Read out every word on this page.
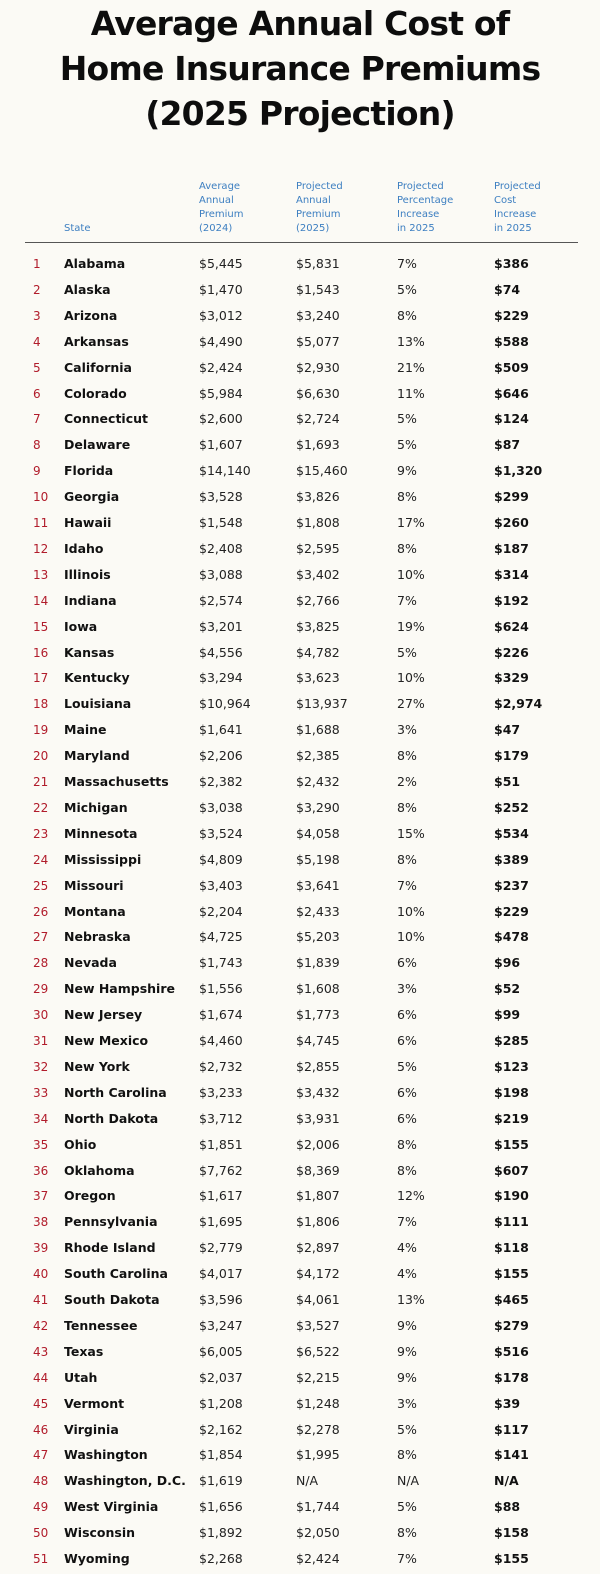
Average Annual Cost of
Home Insurance Premiums
(2025 Projection)
State
Average
Annual
Premium
(2024)
Projected
Annual
Premium
(2025)
Projected
Percentage
Increase
in 2025
Projected
Cost
Increase
in 2025
1	Alabama	$5,445	$5,831	7%	$386
2	Alaska	$1,470	$1,543	5%	$74
3	Arizona	$3,012	$3,240	8%	$229
4	Arkansas	$4,490	$5,077	13%	$588
5	California	$2,424	$2,930	21%	$509
6	Colorado	$5,984	$6,630	11%	$646
7	Connecticut	$2,600	$2,724	5%	$124
8	Delaware	$1,607	$1,693	5%	$87
9	Florida	$14,140	$15,460	9%	$1,320
10	Georgia	$3,528	$3,826	8%	$299
11	Hawaii	$1,548	$1,808	17%	$260
12	Idaho	$2,408	$2,595	8%	$187
13	Illinois	$3,088	$3,402	10%	$314
14	Indiana	$2,574	$2,766	7%	$192
15	Iowa	$3,201	$3,825	19%	$624
16	Kansas	$4,556	$4,782	5%	$226
17	Kentucky	$3,294	$3,623	10%	$329
18	Louisiana	$10,964	$13,937	27%	$2,974
19	Maine	$1,641	$1,688	3%	$47
20	Maryland	$2,206	$2,385	8%	$179
21	Massachusetts $2,382	$2,432	2%	$51
22	Michigan	$3,038	$3,290	8%	$252
23	Minnesota	$3,524	$4,058	15%	$534
24	Mississippi	$4,809	$5,198	8%	$389
25	Missouri	$3,403	$3,641	7%	$237
26	Montana	$2,204	$2,433	10%	$229
27	Nebraska	$4,725	$5,203	10%	$478
28	Nevada	$1,743	$1,839	6%	$96
29	New Hampshire $1,556	$1,608	3%	$52
30	New Jersey	$1,674	$1,773	6%	$99
31	New Mexico	$4,460	$4,745	6%	$285
32	New York	$2,732	$2,855	5%	$123
33	North Carolina	$3,233	$3,432	6%	$198
34	North Dakota	$3,712	$3,931	6%	$219
35	Ohio	$1,851	$2,006	8%	$155
36	Oklahoma	$7,762	$8,369	8%	$607
37	Oregon	$1,617	$1,807	12%	$190
38	Pennsylvania	$1,695	$1,806	7%	$111
39	Rhode Island	$2,779	$2,897	4%	$118
40	South Carolina $4,017	$4,172	4%	$155
41	South Dakota	$3,596	$4,061	13%	$465
42	Tennessee	$3,247	$3,527	9%	$279
43	Texas	$6,005	$6,522	9%	$516
44	Utah	$2,037	$2,215	9%	$178
45	Vermont	$1,208	$1,248	3%	$39
46	Virginia	$2,162	$2,278	5%	$117
47	Washington	$1,854	$1,995	8%	$141
48	Washington, D.C. $1,619	N/A	N/A	N/A
49	West Virginia	$1,656	$1,744	5%	$88
50	Wisconsin	$1,892	$2,050	8%	$158
51	Wyoming	$2,268	$2,424	7%	$155
